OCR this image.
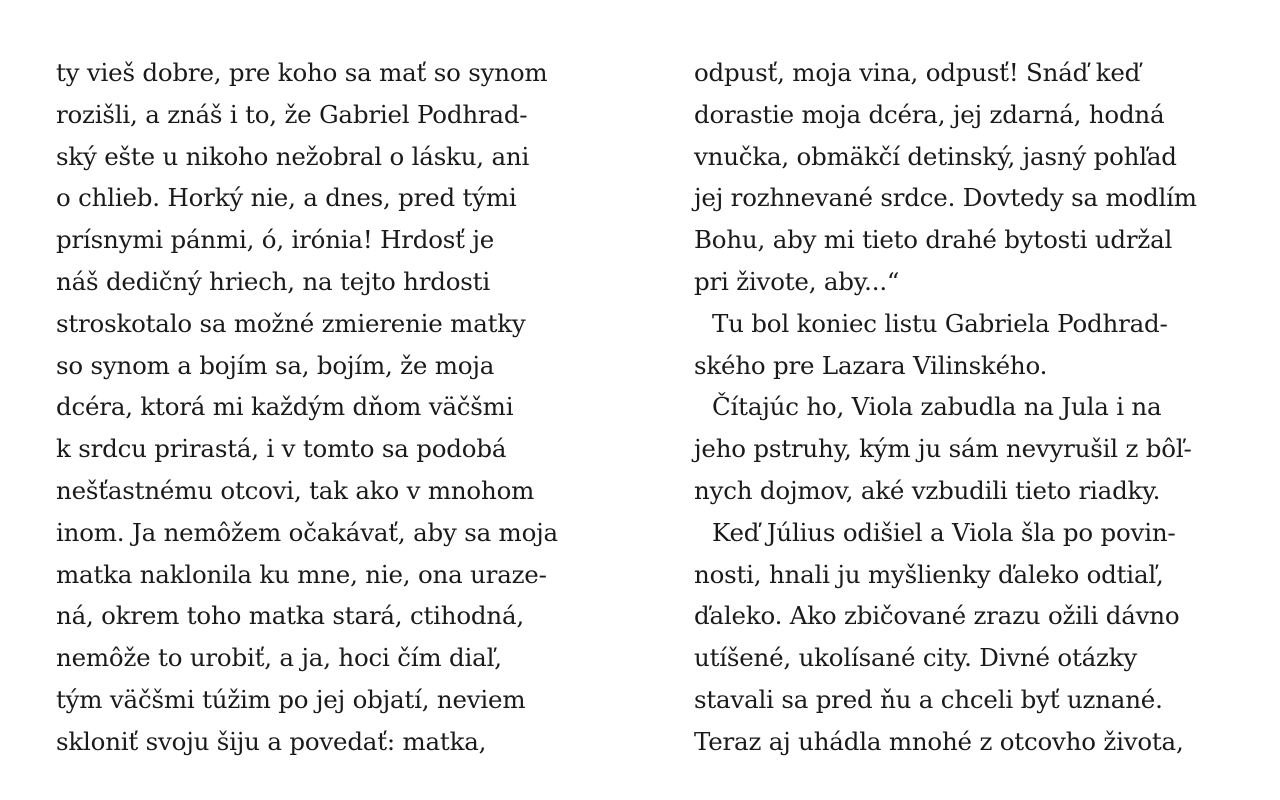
ty vieš dobre, pre koho sa mať so synom
rozišli, a znáš i to, že Gabriel Podhrad-
ský ešte u nikoho nežobral o lásku, ani
o chlieb. Horký nie, a dnes, pred tými
prísnymi pánmi, ó, irónia! Hrdosť je
náš dedičný hriech, na tejto hrdosti
stroskotalo sa možné zmierenie matky
so synom a bojím sa, bojím, že moja
dcéra, ktorá mi každým dňom väčšmi
k srdcu prirastá, i v tomto sa podobá
nešťastnému otcovi, tak ako v mnohom
inom. Ja nemôžem očakávať, aby sa moja
matka naklonila ku mne, nie, ona uraze-
ná, okrem toho matka stará, ctihodná,
nemôže to urobiť, a ja, hoci čím diaľ,
tým väčšmi túžim po jej objatí, neviem
skloniť svoju šiju a povedať: matka,
odpusť, moja vina, odpusť! Snáď keď
dorastie moja dcéra, jej zdarná, hodná
vnučka, obmäkčí detinský, jasný pohľad
jej rozhnevané srdce. Dovtedy sa modlím
Bohu, aby mi tieto drahé bytosti udržal
pri živote, aby...“
Tu bol koniec listu Gabriela Podhrad-
ského pre Lazara Vilinského.
Čítajúc ho, Viola zabudla na Jula i na
jeho pstruhy, kým ju sám nevyrušil z bôľ-
nych dojmov, aké vzbudili tieto riadky.
Keď Július odišiel a Viola šla po povin-
nosti, hnali ju myšlienky ďaleko odtiaľ,
ďaleko. Ako zbičované zrazu ožili dávno
utíšené, ukolísané city. Divné otázky
stavali sa pred ňu a chceli byť uznané.
Teraz aj uhádla mnohé z otcovho života,
